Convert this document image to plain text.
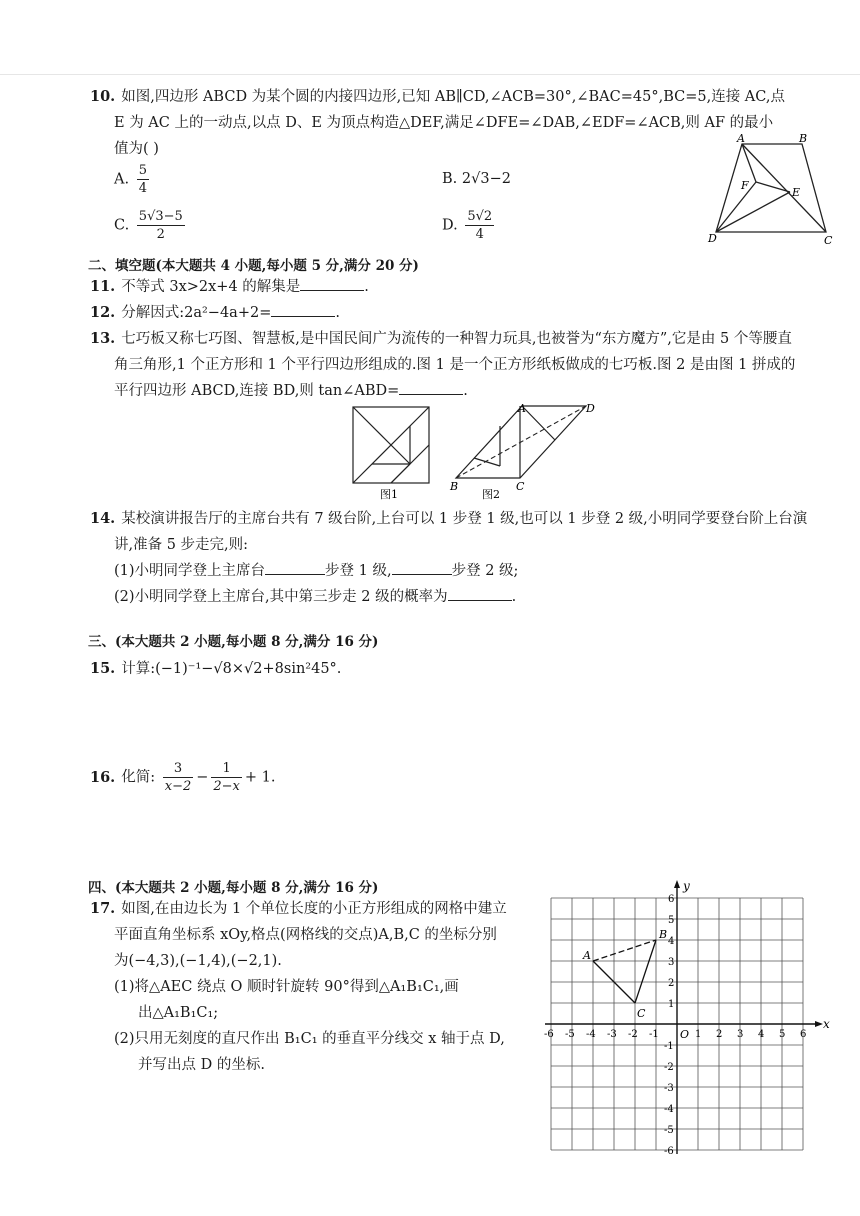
10. 如图,四边形 ABCD 为某个圆的内接四边形,已知 AB∥CD,∠ACB=30°,∠BAC=45°,BC=5,连接 AC,点
E 为 AC 上的一动点,以点 D、E 为顶点构造△DEF,满足∠DFE=∠DAB,∠EDF=∠ACB,则 AF 的最小
值为( )
A. $\frac{5}{4}$	B. 2√3−2
C. $\frac{5√3-5}{2}$	D. $\frac{5√2}{4}$
A	B
C
D
E
F
二、填空题(本大题共 4 小题,每小题 5 分,满分 20 分)
11. 不等式 3x>2x+4 的解集是	.
12. 分解因式:2a²−4a+2=	.
13. 七巧板又称七巧图、智慧板,是中国民间广为流传的一种智力玩具,也被誉为“东方魔方”,它是由 5 个等腰直
角三角形,1 个正方形和 1 个平行四边形组成的.图 1 是一个正方形纸板做成的七巧板.图 2 是由图 1 拼成的
平行四边形 ABCD,连接 BD,则 tan∠ABD=	.
图1	图2
A
B	C
D
14. 某校演讲报告厅的主席台共有 7 级台阶,上台可以 1 步登 1 级,也可以 1 步登 2 级,小明同学要登台阶上台演
讲,准备 5 步走完,则:
(1)小明同学登上主席台	步登 1 级,	步登 2 级;
(2)小明同学登上主席台,其中第三步走 2 级的概率为	.
三、(本大题共 2 小题,每小题 8 分,满分 16 分)
15. 计算:(−1)⁻¹−√8×√2+8sin²45°.
16. 化简: $\frac{3}{x-2} - \frac{1}{2-x} + 1$.
四、(本大题共 2 小题,每小题 8 分,满分 16 分)
17. 如图,在由边长为 1 个单位长度的小正方形组成的网格中建立
平面直角坐标系 xOy,格点(网格线的交点)A,B,C 的坐标分别
为(−4,3),(−1,4),(−2,1).
(1)将△AEC 绕点 O 顺时针旋转 90°得到△A₁B₁C₁,画
出△A₁B₁C₁;
(2)只用无刻度的直尺作出 B₁C₁ 的垂直平分线交 x 轴于点 D,
并写出点 D 的坐标.
x
y
O
-6 -5 -4 -3 -2 -1	1 2 3 4 5 6
6
5
4
3
2
1
-1
-2
-3
-4
-5
-6
A
B
C
